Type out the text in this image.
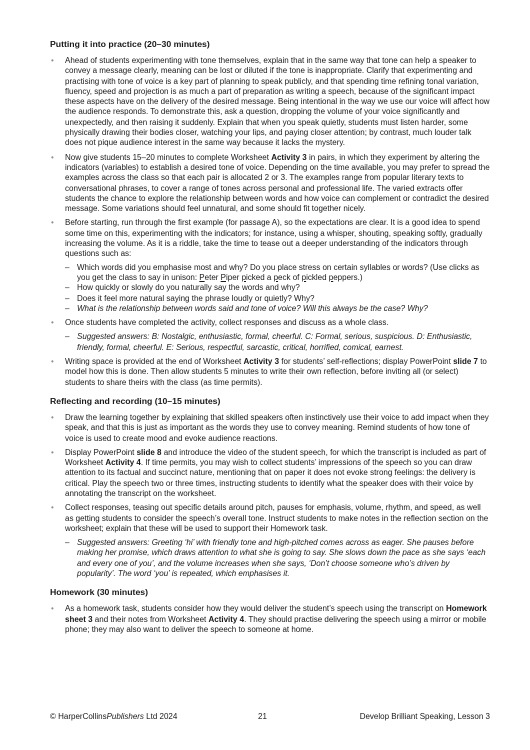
Putting it into practice (20–30 minutes)
• Ahead of students experimenting with tone themselves, explain that in the same way that tone can help a speaker to convey a message clearly, meaning can be lost or diluted if the tone is inappropriate. Clarify that experimenting and practising with tone of voice is a key part of planning to speak publicly, and that spending time refining tonal variation, fluency, speed and projection is as much a part of preparation as writing a speech, because of the significant impact these aspects have on the delivery of the desired message. Being intentional in the way we use our voice will affect how the audience responds. To demonstrate this, ask a question, dropping the volume of your voice significantly and unexpectedly, and then raising it suddenly. Explain that when you speak quietly, students must listen harder, some physically drawing their bodies closer, watching your lips, and paying closer attention; by contrast, much louder talk does not pique audience interest in the same way because it lacks the mystery.
• Now give students 15–20 minutes to complete Worksheet Activity 3 in pairs, in which they experiment by altering the indicators (variables) to establish a desired tone of voice. Depending on the time available, you may prefer to spread the examples across the class so that each pair is allocated 2 or 3. The examples range from popular literary texts to conversational phrases, to cover a range of tones across personal and professional life. The varied extracts offer students the chance to explore the relationship between words and how voice can complement or contradict the desired message. Some variations should feel unnatural, and some should fit together nicely.
• Before starting, run through the first example (for passage A), so the expectations are clear. It is a good idea to spend some time on this, experimenting with the indicators; for instance, using a whisper, shouting, speaking softly, gradually increasing the volume. As it is a riddle, take the time to tease out a deeper understanding of the indicators through questions such as:
– Which words did you emphasise most and why? Do you place stress on certain syllables or words? (Use clicks as you get the class to say in unison: Peter Piper picked a peck of pickled peppers.)
– How quickly or slowly do you naturally say the words and why?
– Does it feel more natural saying the phrase loudly or quietly? Why?
– What is the relationship between words said and tone of voice? Will this always be the case? Why?
• Once students have completed the activity, collect responses and discuss as a whole class.
– Suggested answers: B: Nostalgic, enthusiastic, formal, cheerful. C: Formal, serious, suspicious. D: Enthusiastic, friendly, formal, cheerful. E: Serious, respectful, sarcastic, critical, horrified, comical, earnest.
• Writing space is provided at the end of Worksheet Activity 3 for students’ self-reflections; display PowerPoint slide 7 to model how this is done. Then allow students 5 minutes to write their own reflection, before inviting all (or select) students to share theirs with the class (as time permits).
Reflecting and recording (10–15 minutes)
• Draw the learning together by explaining that skilled speakers often instinctively use their voice to add impact when they speak, and that this is just as important as the words they use to convey meaning. Remind students of how tone of voice is used to create mood and evoke audience reactions.
• Display PowerPoint slide 8 and introduce the video of the student speech, for which the transcript is included as part of Worksheet Activity 4. If time permits, you may wish to collect students’ impressions of the speech so you can draw attention to its factual and succinct nature, mentioning that on paper it does not evoke strong feelings: the delivery is critical. Play the speech two or three times, instructing students to identify what the speaker does with their voice by annotating the transcript on the worksheet.
• Collect responses, teasing out specific details around pitch, pauses for emphasis, volume, rhythm, and speed, as well as getting students to consider the speech’s overall tone. Instruct students to make notes in the reflection section on the worksheet; explain that these will be used to support their Homework task.
– Suggested answers: Greeting ‘hi’ with friendly tone and high-pitched comes across as eager. She pauses before making her promise, which draws attention to what she is going to say. She slows down the pace as she says ‘each and every one of you’, and the volume increases when she says, ‘Don’t choose someone who’s driven by popularity’. The word ‘you’ is repeated, which emphasises it.
Homework (30 minutes)
• As a homework task, students consider how they would deliver the student’s speech using the transcript on Homework sheet 3 and their notes from Worksheet Activity 4. They should practise delivering the speech using a mirror or mobile phone; they may also want to deliver the speech to someone at home.
© HarperCollinsPublishers Ltd 2024	21	Develop Brilliant Speaking, Lesson 3
